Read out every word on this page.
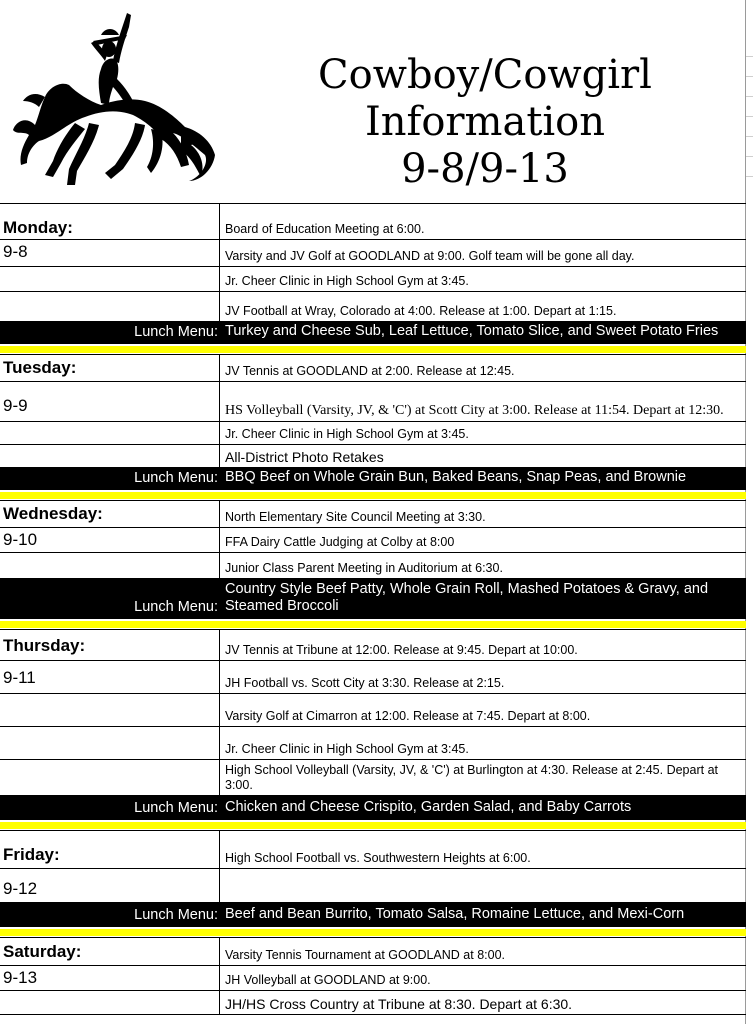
Cowboy/Cowgirl
Information
9-8/9-13
Monday:	Board of Education Meeting at 6:00.
9-8	Varsity and JV Golf at GOODLAND at 9:00. Golf team will be gone all day.
Jr. Cheer Clinic in High School Gym at 3:45.
JV Football at Wray, Colorado at 4:00. Release at 1:00. Depart at 1:15.
Lunch Menu: Turkey and Cheese Sub, Leaf Lettuce, Tomato Slice, and Sweet Potato Fries
Tuesday:	JV Tennis at GOODLAND at 2:00. Release at 12:45.
9-9	HS Volleyball (Varsity, JV, & 'C') at Scott City at 3:00. Release at 11:54. Depart at 12:30.
Jr. Cheer Clinic in High School Gym at 3:45.
All-District Photo Retakes
Lunch Menu: BBQ Beef on Whole Grain Bun, Baked Beans, Snap Peas, and Brownie
Wednesday:	North Elementary Site Council Meeting at 3:30.
9-10	FFA Dairy Cattle Judging at Colby at 8:00
Junior Class Parent Meeting in Auditorium at 6:30.
Lunch Menu:
Country Style Beef Patty, Whole Grain Roll, Mashed Potatoes & Gravy, and Steamed Broccoli
Thursday:	JV Tennis at Tribune at 12:00. Release at 9:45. Depart at 10:00.
9-11	JH Football vs. Scott City at 3:30. Release at 2:15.
Varsity Golf at Cimarron at 12:00. Release at 7:45. Depart at 8:00.
Jr. Cheer Clinic in High School Gym at 3:45.
High School Volleyball (Varsity, JV, & 'C') at Burlington at 4:30. Release at 2:45. Depart at 3:00.
Lunch Menu: Chicken and Cheese Crispito, Garden Salad, and Baby Carrots
Friday:	High School Football vs. Southwestern Heights at 6:00.
9-12
Lunch Menu: Beef and Bean Burrito, Tomato Salsa, Romaine Lettuce, and Mexi-Corn
Saturday:	Varsity Tennis Tournament at GOODLAND at 8:00.
9-13	JH Volleyball at GOODLAND at 9:00.
JH/HS Cross Country at Tribune at 8:30. Depart at 6:30.
